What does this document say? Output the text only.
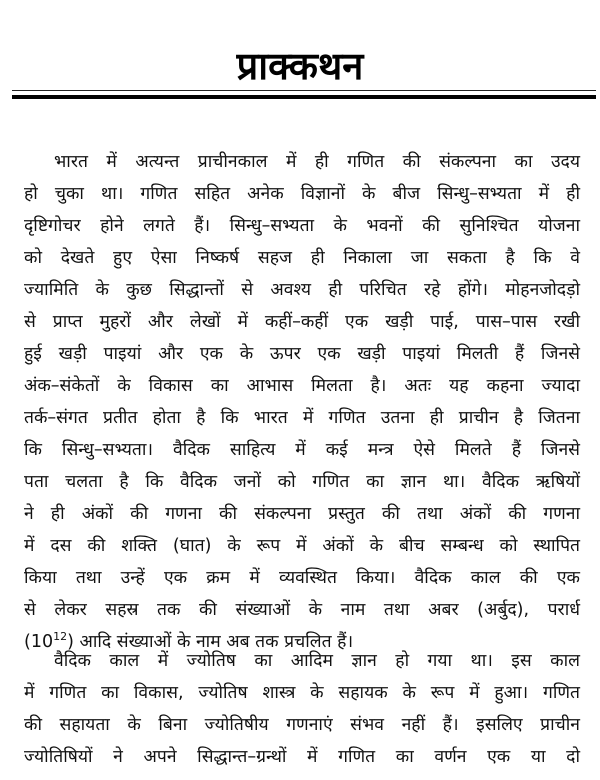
प्राक्कथन
भारत में अत्यन्त प्राचीनकाल में ही गणित की संकल्पना का उदय
हो चुका था। गणित सहित अनेक विज्ञानों के बीज सिन्धु–सभ्यता में ही
दृष्टिगोचर होने लगते हैं। सिन्धु–सभ्यता के भवनों की सुनिश्चित योजना
को देखते हुए ऐसा निष्कर्ष सहज ही निकाला जा सकता है कि वे
ज्यामिति के कुछ सिद्धान्तों से अवश्य ही परिचित रहे होंगे। मोहनजोदड़ो
से प्राप्त मुहरों और लेखों में कहीं–कहीं एक खड़ी पाई, पास–पास रखी
हुई खड़ी पाइयां और एक के ऊपर एक खड़ी पाइयां मिलती हैं जिनसे
अंक–संकेतों के विकास का आभास मिलता है। अतः यह कहना ज्यादा
तर्क–संगत प्रतीत होता है कि भारत में गणित उतना ही प्राचीन है जितना
कि सिन्धु–सभ्यता। वैदिक साहित्य में कई मन्त्र ऐसे मिलते हैं जिनसे
पता चलता है कि वैदिक जनों को गणित का ज्ञान था। वैदिक ऋषियों
ने ही अंकों की गणना की संकल्पना प्रस्तुत की तथा अंकों की गणना
में दस की शक्ति (घात) के रूप में अंकों के बीच सम्बन्ध को स्थापित
किया तथा उन्हें एक क्रम में व्यवस्थित किया। वैदिक काल की एक
से लेकर सहस्र तक की संख्याओं के नाम तथा अबर (अर्बुद), परार्ध
$(10^{12})$ आदि संख्याओं के नाम अब तक प्रचलित हैं।
वैदिक काल में ज्योतिष का आदिम ज्ञान हो गया था। इस काल
में गणित का विकास, ज्योतिष शास्त्र के सहायक के रूप में हुआ। गणित
की सहायता के बिना ज्योतिषीय गणनाएं संभव नहीं हैं। इसलिए प्राचीन
ज्योतिषियों ने अपने सिद्धान्त–ग्रन्थों में गणित का वर्णन एक या दो
